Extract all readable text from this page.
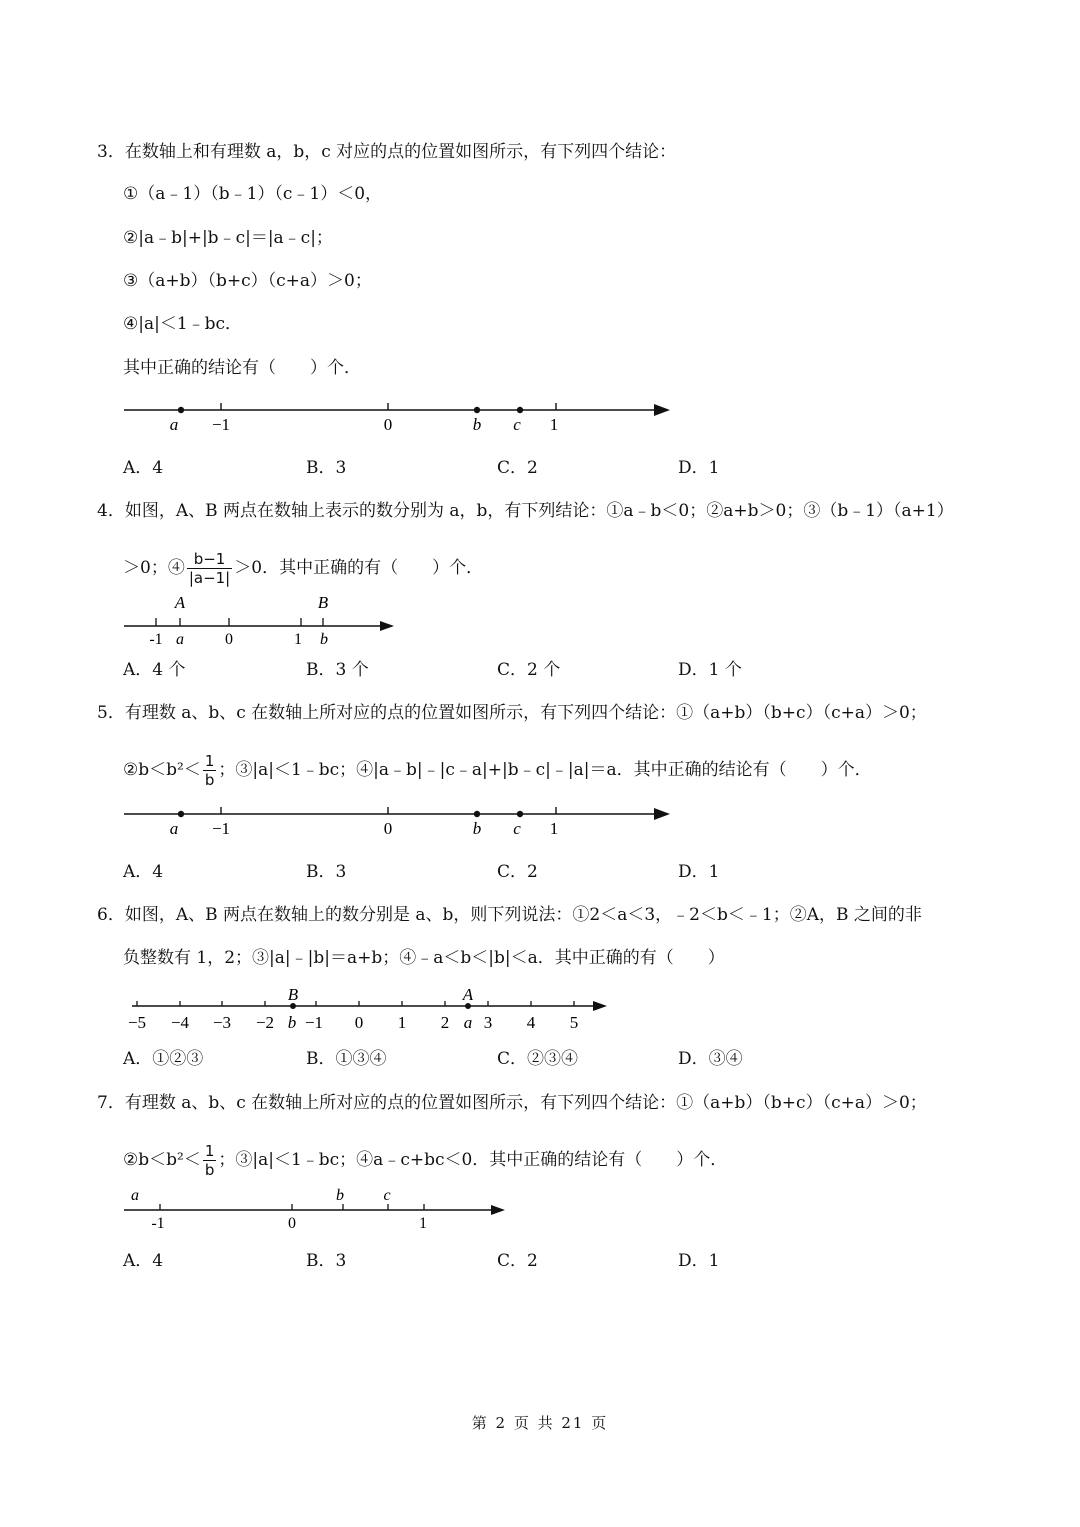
3．在数轴上和有理数 a，b，c 对应的点的位置如图所示，有下列四个结论：
①（a﹣1）（b﹣1）（c﹣1）＜0，
②|a﹣b|+|b﹣c|＝|a﹣c|；
③（a+b）（b+c）（c+a）＞0；
④|a|＜1﹣bc．
其中正确的结论有（　　）个．
−1	0	1
a	b c
A．4	B．3	C．2	D．1
4．如图，A、B 两点在数轴上表示的数分别为 a，b，有下列结论：①a﹣b＜0；②a+b＞0；③（b﹣1）（a+1）
＞0；④ $\frac{b-1}{|a-1|} >0$．其中正确的有（　　）个．
A	B
-1 a	0	1 b
A．4 个	B．3 个	C．2 个	D．1 个
5．有理数 a、b、c 在数轴上所对应的点的位置如图所示，有下列四个结论：①（a+b）（b+c）（c+a）＞0；
②b＜b²＜ $\frac{1}{b}$ ；③|a|＜1﹣bc；④|a﹣b|﹣|c﹣a|+|b﹣c|﹣|a|＝a．其中正确的结论有（　　）个．
−1	0	1
a	b c
A．4	B．3	C．2	D．1
6．如图，A、B 两点在数轴上的数分别是 a、b，则下列说法：①2＜a＜3，﹣2＜b＜﹣1；②A，B 之间的非
负整数有 1，2；③|a|﹣|b|＝a+b；④﹣a＜b＜|b|＜a．其中正确的有（　　）
B	A
−5 −4 −3 −2 b −1 0 1 2 a 3 4 5
A．①②③	B．①③④	C．②③④	D．③④
7．有理数 a、b、c 在数轴上所对应的点的位置如图所示，有下列四个结论：①（a+b）（b+c）（c+a）＞0；
②b＜b²＜ $\frac{1}{b}$ ；③|a|＜1﹣bc；④a﹣c+bc＜0．其中正确的结论有（　　）个．
a	b c
-1	0	1
A．4	B．3	C．2	D．1
第 2 页 共 21 页
